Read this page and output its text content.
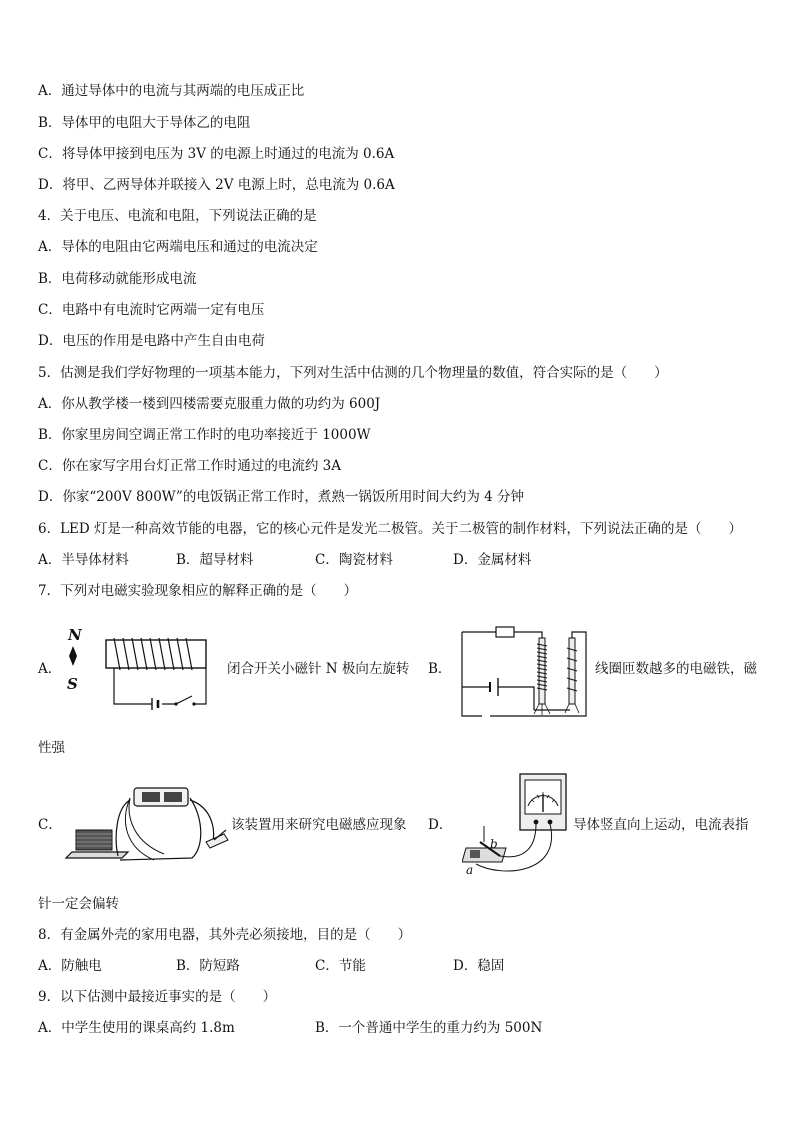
A．通过导体中的电流与其两端的电压成正比
B．导体甲的电阻大于导体乙的电阻
C．将导体甲接到电压为 3V 的电源上时通过的电流为 0.6A
D．将甲、乙两导体并联接入 2V 电源上时，总电流为 0.6A
4．关于电压、电流和电阻，下列说法正确的是
A．导体的电阻由它两端电压和通过的电流决定
B．电荷移动就能形成电流
C．电路中有电流时它两端一定有电压
D．电压的作用是电路中产生自由电荷
5．估测是我们学好物理的一项基本能力，下列对生活中估测的几个物理量的数值，符合实际的是（　　）
A．你从教学楼一楼到四楼需要克服重力做的功约为 600J
B．你家里房间空调正常工作时的电功率接近于 1000W
C．你在家写字用台灯正常工作时通过的电流约 3A
D．你家“200V 800W”的电饭锅正常工作时，煮熟一锅饭所用时间大约为 4 分钟
6．LED 灯是一种高效节能的电器，它的核心元件是发光二极管。关于二极管的制作材料，下列说法正确的是（　　）
A．半导体材料	B．超导材料	C．陶瓷材料	D．金属材料
7．下列对电磁实验现象相应的解释正确的是（　　）
A．
N
S
闭合开关小磁针 N 极向左旋转 B．	线圈匝数越多的电磁铁，磁
性强
C．	该装置用来研究电磁感应现象 D．
b
a
导体竖直向上运动，电流表指
针一定会偏转
8．有金属外壳的家用电器，其外壳必须接地，目的是（　　）
A．防触电	B．防短路	C．节能	D．稳固
9．以下估测中最接近事实的是（　　）
A．中学生使用的课桌高约 1.8m	B．一个普通中学生的重力约为 500N
